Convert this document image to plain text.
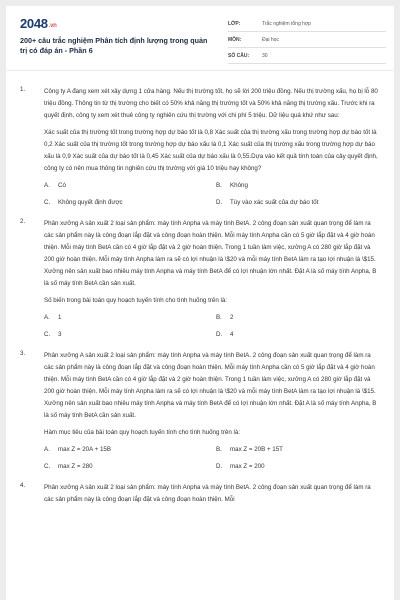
2048.vn
200+ câu trắc nghiệm Phân tích định lượng trong quản trị có đáp án - Phần 6
LỚP:	Trắc nghiệm tổng hợp
MÔN:	Đại học
SỐ CÂU:	30
1.	Công ty A đang xem xét xây dựng 1 cửa hàng. Nếu thị trường tốt, họ sẽ lời 200 triệu đồng. Nếu thị trường xấu, họ bị lỗ 80 triệu đồng. Thông tin từ thị trường cho biết có 50% khả năng thị trường tốt và 50% khả năng thị trường xấu. Trước khi ra quyết định, công ty xem xét thuê công ty nghiên cứu thị trường với chi phí 5 triệu. Dữ liệu quá khứ như sau:

Xác suất của thị trường tốt trong trường hợp dự báo tốt là 0,8 Xác suất của thị trường xấu trong trường hợp dự báo tốt là 0,2 Xác suất của thị trường tốt trong trường hợp dự báo xấu là 0,1 Xác suất của thị trường xấu trong trường hợp dự báo xấu là 0,9 Xác suất của dự báo tốt là 0,45 Xác suất của dự báo xấu là 0,55.Dựa vào kết quả tính toán của cây quyết định, công ty có nên mua thông tin nghiên cứu thị trường với giá 10 triệu hay không?

A.	Có	B.	Không
C.	Không quyết định được	D.	Tùy vào xác suất của dự báo tốt
2.	Phân xưởng A sản xuất 2 loại sản phẩm: máy tính Anpha và máy tính BetA. 2 công đoạn sản xuất quan trọng để làm ra các sản phẩm này là công đoạn lắp đặt và công đoạn hoàn thiện. Mỗi máy tính Anpha cần có 5 giờ lắp đặt và 4 giờ hoàn thiện. Mỗi máy tính BetA cần có 4 giờ lắp đặt và 2 giờ hoàn thiện. Trong 1 tuần làm việc, xưởng A có 280 giờ lắp đặt và 200 giờ hoàn thiện. Mỗi máy tính Anpha làm ra sẽ có lợi nhuận là \$20 và mỗi máy tính BetA làm ra tạo lợi nhuận là \$15. Xưởng nên sản xuất bao nhiêu máy tính Anpha và máy tính BetA để có lợi nhuận lớn nhất. Đặt A là số máy tính Anpha, B là số máy tính BetA cần sản xuất.

Số biến trong bài toán quy hoạch tuyến tính cho tình huống trên là:

A.	1	B.	2
C.	3	D.	4
3.	Phân xưởng A sản xuất 2 loại sản phẩm: máy tính Anpha và máy tính BetA. 2 công đoạn sản xuất quan trọng để làm ra các sản phẩm này là công đoạn lắp đặt và công đoạn hoàn thiện. Mỗi máy tính Anpha cần có 5 giờ lắp đặt và 4 giờ hoàn thiện. Mỗi máy tính BetA cần có 4 giờ lắp đặt và 2 giờ hoàn thiện. Trong 1 tuần làm việc, xưởng A có 280 giờ lắp đặt và 200 giờ hoàn thiện. Mỗi máy tính Anpha làm ra sẽ có lợi nhuận là \$20 và mỗi máy tính BetA làm ra tạo lợi nhuận là \$15. Xưởng nên sản xuất bao nhiêu máy tính Anpha và máy tính BetA để có lợi nhuận lớn nhất. Đặt A là số máy tính Anpha, B là số máy tính BetA cần sản xuất.

Hàm mục tiêu của bài toán quy hoạch tuyến tính cho tình huống trên là:

A.	max Z = 20A + 15B	B.	max Z = 20B + 15T
C.	max Z = 280	D.	max Z = 200
4.	Phân xưởng A sản xuất 2 loại sản phẩm: máy tính Anpha và máy tính BetA. 2 công đoạn sản xuất quan trọng để làm ra các sản phẩm này là công đoạn lắp đặt và công đoạn hoàn thiện. Mỗi
